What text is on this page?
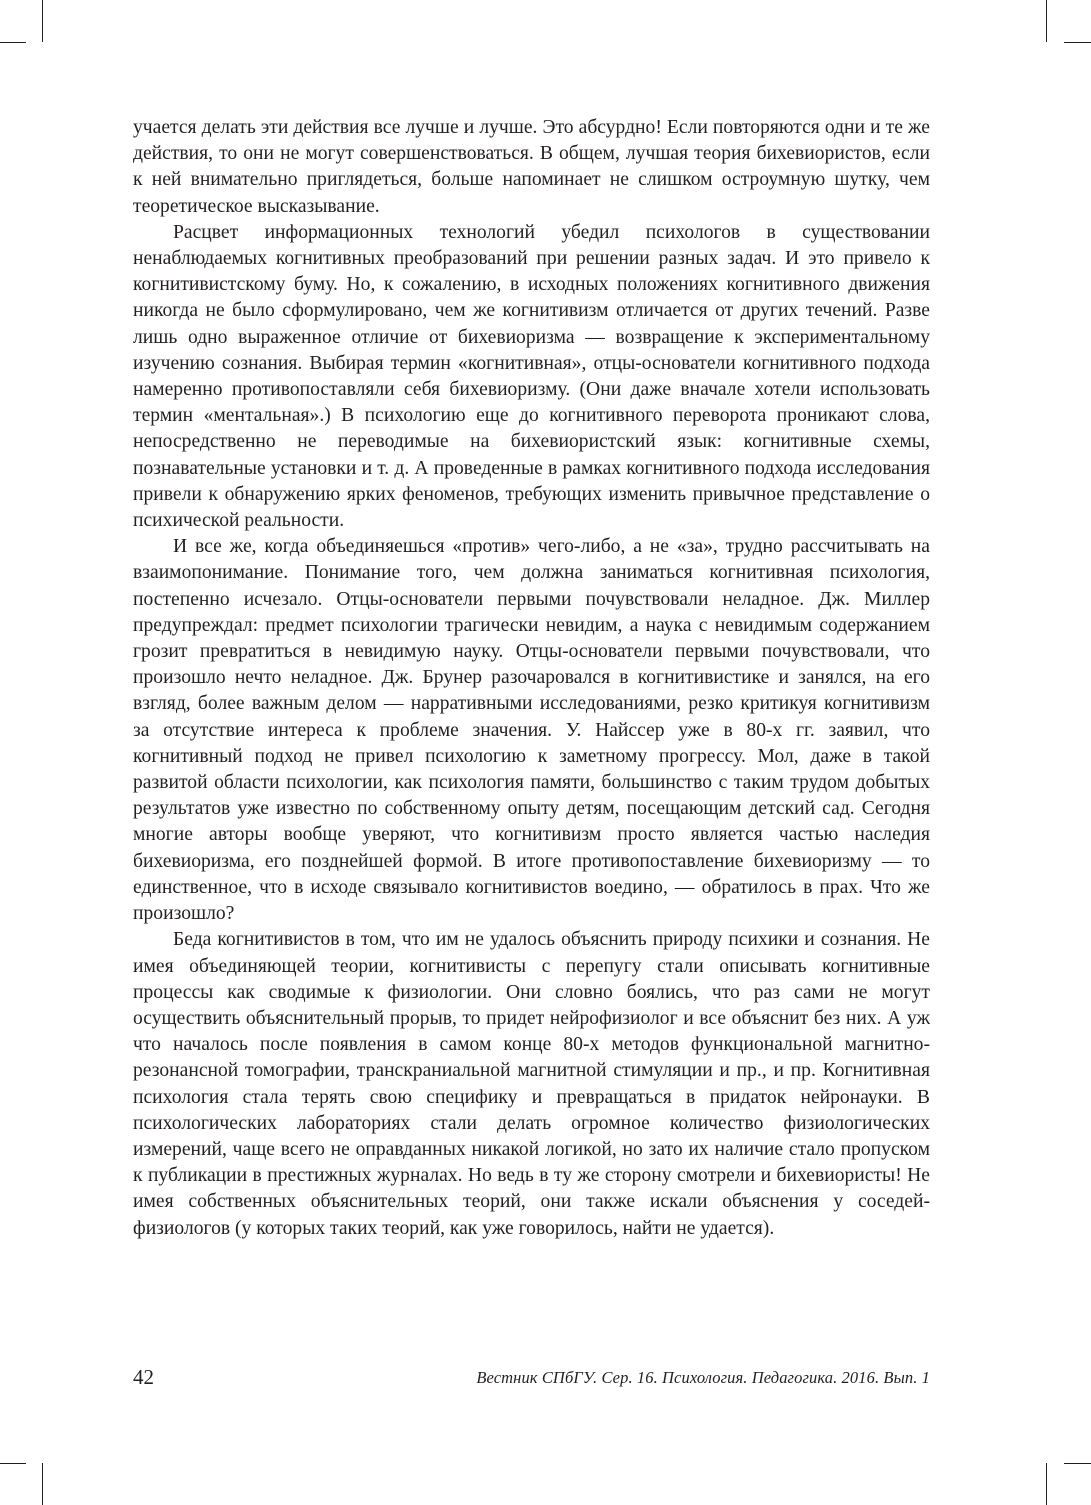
учается делать эти действия все лучше и лучше. Это абсурдно! Если повторяются одни и те же действия, то они не могут совершенствоваться. В общем, лучшая теория бихевиористов, если к ней внимательно приглядеться, больше напоминает не слишком остроумную шутку, чем теоретическое высказывание.

Расцвет информационных технологий убедил психологов в существовании ненаблюдаемых когнитивных преобразований при решении разных задач. И это привело к когнитивистскому буму. Но, к сожалению, в исходных положениях когнитивного движения никогда не было сформулировано, чем же когнитивизм отличается от других течений. Разве лишь одно выраженное отличие от бихевиоризма — возвращение к экспериментальному изучению сознания. Выбирая термин «когнитивная», отцы-основатели когнитивного подхода намеренно противопоставляли себя бихевиоризму. (Они даже вначале хотели использовать термин «ментальная».) В психологию еще до когнитивного переворота проникают слова, непосредственно не переводимые на бихевиористский язык: когнитивные схемы, познавательные установки и т. д. А проведенные в рамках когнитивного подхода исследования привели к обнаружению ярких феноменов, требующих изменить привычное представление о психической реальности.

И все же, когда объединяешься «против» чего-либо, а не «за», трудно рассчитывать на взаимопонимание. Понимание того, чем должна заниматься когнитивная психология, постепенно исчезало. Отцы-основатели первыми почувствовали неладное. Дж. Миллер предупреждал: предмет психологии трагически невидим, а наука с невидимым содержанием грозит превратиться в невидимую науку. Отцы-основатели первыми почувствовали, что произошло нечто неладное. Дж. Брунер разочаровался в когнитивистике и занялся, на его взгляд, более важным делом — нарративными исследованиями, резко критикуя когнитивизм за отсутствие интереса к проблеме значения. У. Найссер уже в 80-х гг. заявил, что когнитивный подход не привел психологию к заметному прогрессу. Мол, даже в такой развитой области психологии, как психология памяти, большинство с таким трудом добытых результатов уже известно по собственному опыту детям, посещающим детский сад. Сегодня многие авторы вообще уверяют, что когнитивизм просто является частью наследия бихевиоризма, его позднейшей формой. В итоге противопоставление бихевиоризму — то единственное, что в исходе связывало когнитивистов воедино, — обратилось в прах. Что же произошло?

Беда когнитивистов в том, что им не удалось объяснить природу психики и сознания. Не имея объединяющей теории, когнитивисты с перепугу стали описывать когнитивные процессы как сводимые к физиологии. Они словно боялись, что раз сами не могут осуществить объяснительный прорыв, то придет нейрофизиолог и все объяснит без них. А уж что началось после появления в самом конце 80-х методов функциональной магнитно-резонансной томографии, транскраниальной магнитной стимуляции и пр., и пр. Когнитивная психология стала терять свою специфику и превращаться в придаток нейронауки. В психологических лабораториях стали делать огромное количество физиологических измерений, чаще всего не оправданных никакой логикой, но зато их наличие стало пропуском к публикации в престижных журналах. Но ведь в ту же сторону смотрели и бихевиористы! Не имея собственных объяснительных теорий, они также искали объяснения у соседей-физиологов (у которых таких теорий, как уже говорилось, найти не удается).

42	Вестник СПбГУ. Сер. 16. Психология. Педагогика. 2016. Вып. 1
